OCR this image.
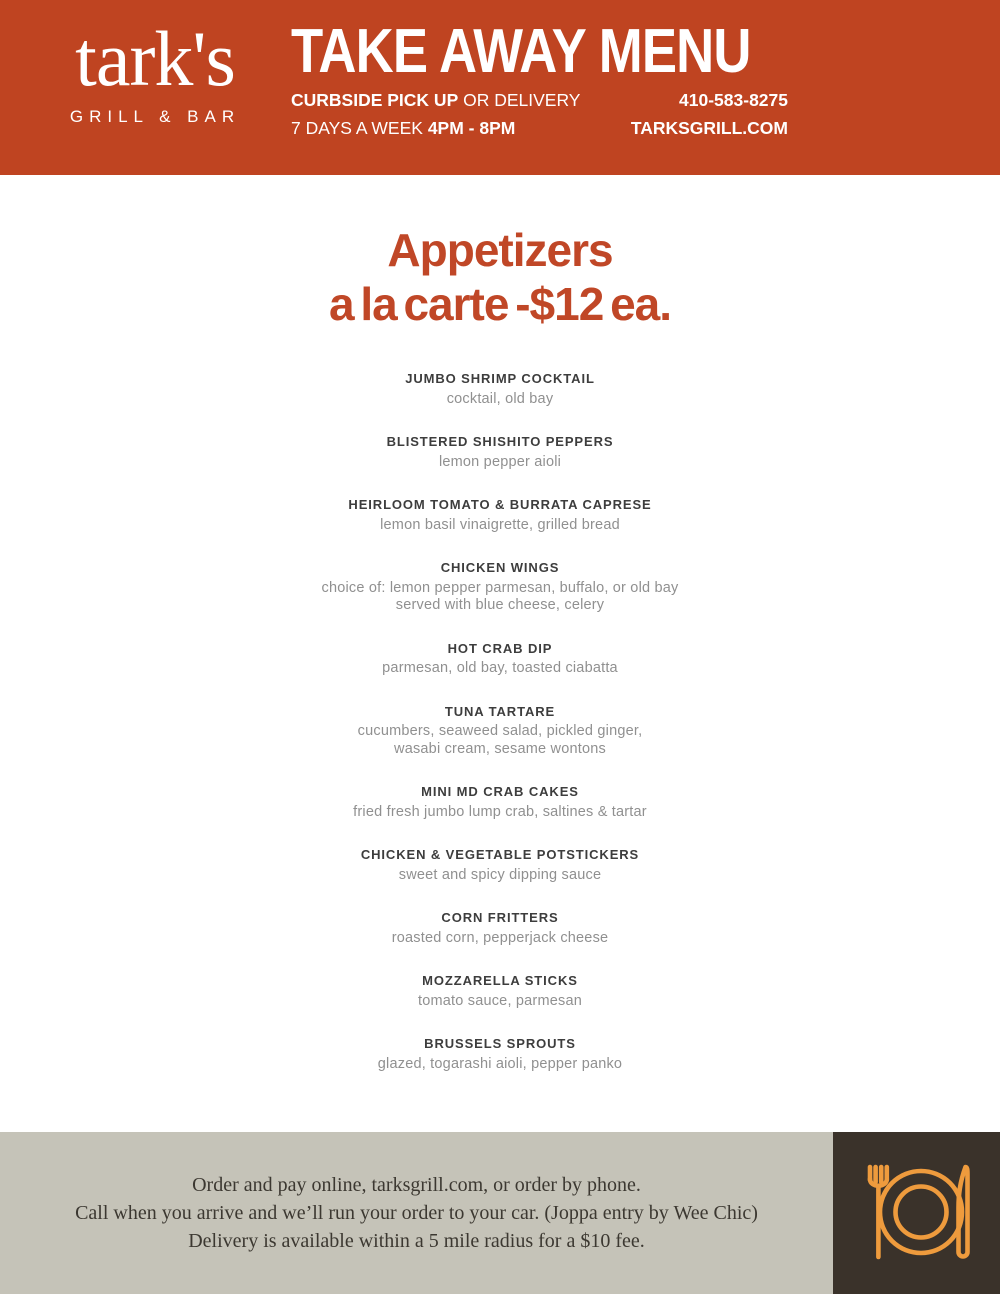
tark's
GRILL & BAR
TAKE AWAY MENU
CURBSIDE PICK UP OR DELIVERY
7 DAYS A WEEK 4PM - 8PM
410-583-8275
TARKSGRILL.COM
Appetizers
a la carte -$12 ea.
JUMBO SHRIMP COCKTAIL
cocktail, old bay
BLISTERED SHISHITO PEPPERS
lemon pepper aioli
HEIRLOOM TOMATO & BURRATA CAPRESE
lemon basil vinaigrette, grilled bread
CHICKEN WINGS
choice of: lemon pepper parmesan, buffalo, or old bay
served with blue cheese, celery
HOT CRAB DIP
parmesan, old bay, toasted ciabatta
TUNA TARTARE
cucumbers, seaweed salad, pickled ginger,
wasabi cream, sesame wontons
MINI MD CRAB CAKES
fried fresh jumbo lump crab, saltines & tartar
CHICKEN & VEGETABLE POTSTICKERS
sweet and spicy dipping sauce
CORN FRITTERS
roasted corn, pepperjack cheese
MOZZARELLA STICKS
tomato sauce, parmesan
BRUSSELS SPROUTS
glazed, togarashi aioli, pepper panko
Order and pay online, tarksgrill.com, or order by phone.
Call when you arrive and we’ll run your order to your car. (Joppa entry by Wee Chic)
Delivery is available within a 5 mile radius for a $10 fee.
